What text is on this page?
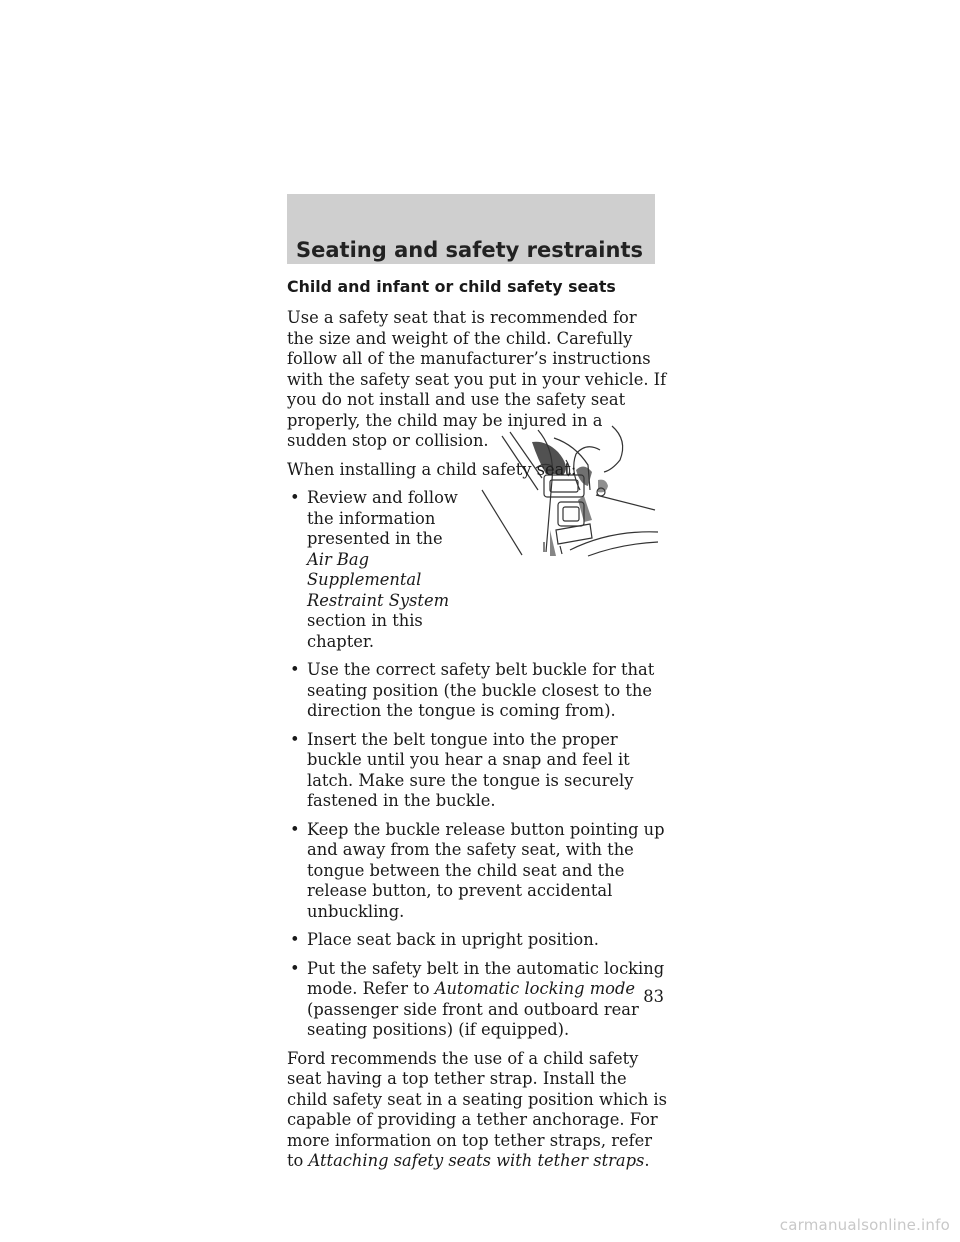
Seating and safety restraints
Child and infant or child safety seats

Use a safety seat that is recommended for the size and weight of the child. Carefully follow all of the manufacturer’s instructions with the safety seat you put in your vehicle. If you do not install and use the safety seat properly, the child may be injured in a sudden stop or collision.

When installing a child safety seat:

• Review and follow the information presented in the Air Bag Supplemental Restraint System section in this chapter.
• Use the correct safety belt buckle for that seating position (the buckle closest to the direction the tongue is coming from).
• Insert the belt tongue into the proper buckle until you hear a snap and feel it latch. Make sure the tongue is securely fastened in the buckle.
• Keep the buckle release button pointing up and away from the safety seat, with the tongue between the child seat and the release button, to prevent accidental unbuckling.
• Place seat back in upright position.
• Put the safety belt in the automatic locking mode. Refer to Automatic locking mode (passenger side front and outboard rear seating positions) (if equipped).

Ford recommends the use of a child safety seat having a top tether strap. Install the child safety seat in a seating position which is capable of providing a tether anchorage. For more information on top tether straps, refer to Attaching safety seats with tether straps.

83
carmanualsonline.info
